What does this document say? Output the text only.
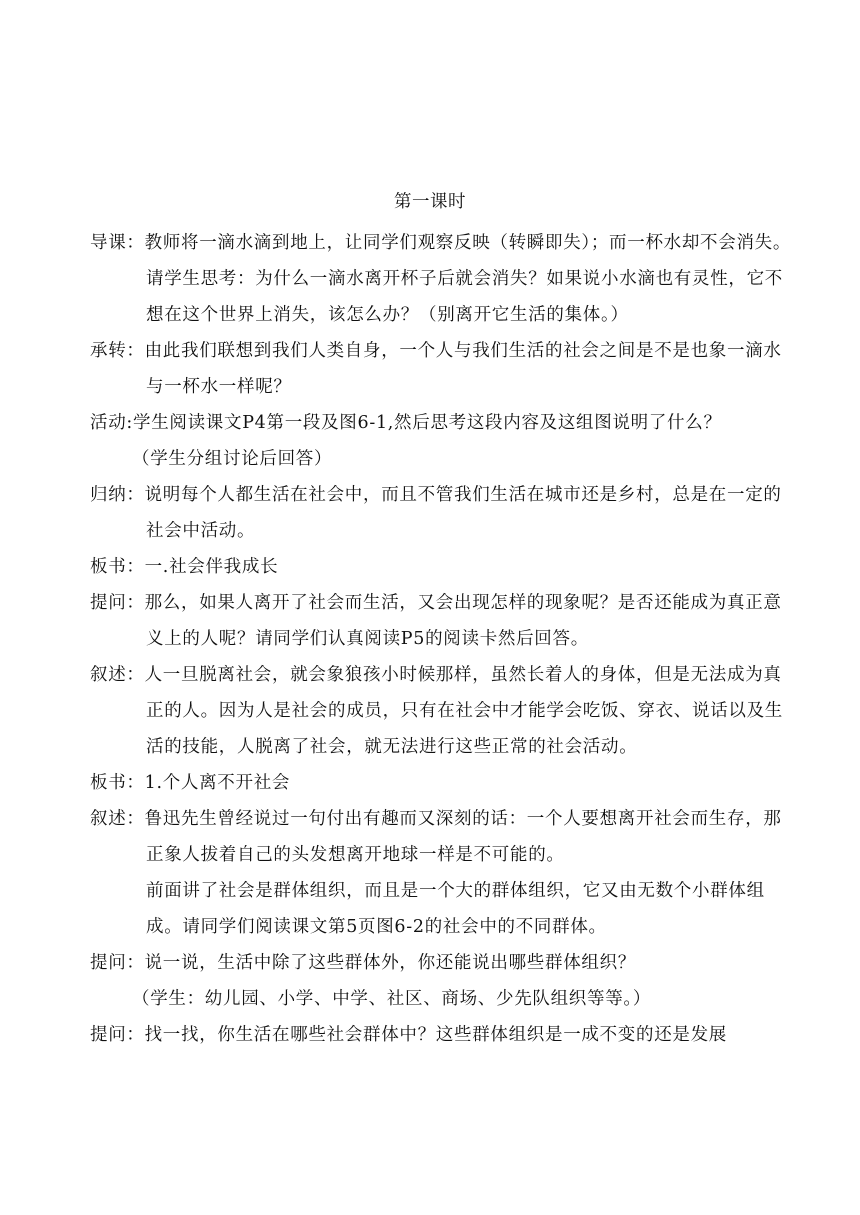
第一课时

导课：教师将一滴水滴到地上，让同学们观察反映（转瞬即失）；而一杯水却不会消失。请学生思考：为什么一滴水离开杯子后就会消失？如果说小水滴也有灵性，它不想在这个世界上消失，该怎么办？（别离开它生活的集体。）

承转：由此我们联想到我们人类自身，一个人与我们生活的社会之间是不是也象一滴水与一杯水一样呢？

活动:学生阅读课文P4第一段及图6-1,然后思考这段内容及这组图说明了什么？

（学生分组讨论后回答）

归纳：说明每个人都生活在社会中，而且不管我们生活在城市还是乡村，总是在一定的社会中活动。

板书：一.社会伴我成长

提问：那么，如果人离开了社会而生活，又会出现怎样的现象呢？是否还能成为真正意义上的人呢？请同学们认真阅读P5的阅读卡然后回答。

叙述：人一旦脱离社会，就会象狼孩小时候那样，虽然长着人的身体，但是无法成为真正的人。因为人是社会的成员，只有在社会中才能学会吃饭、穿衣、说话以及生活的技能，人脱离了社会，就无法进行这些正常的社会活动。

板书：1.个人离不开社会

叙述：鲁迅先生曾经说过一句付出有趣而又深刻的话：一个人要想离开社会而生存，那正象人拔着自己的头发想离开地球一样是不可能的。

前面讲了社会是群体组织，而且是一个大的群体组织，它又由无数个小群体组成。请同学们阅读课文第5页图6-2的社会中的不同群体。

提问：说一说，生活中除了这些群体外，你还能说出哪些群体组织？

（学生：幼儿园、小学、中学、社区、商场、少先队组织等等。）

提问：找一找，你生活在哪些社会群体中？这些群体组织是一成不变的还是发展
